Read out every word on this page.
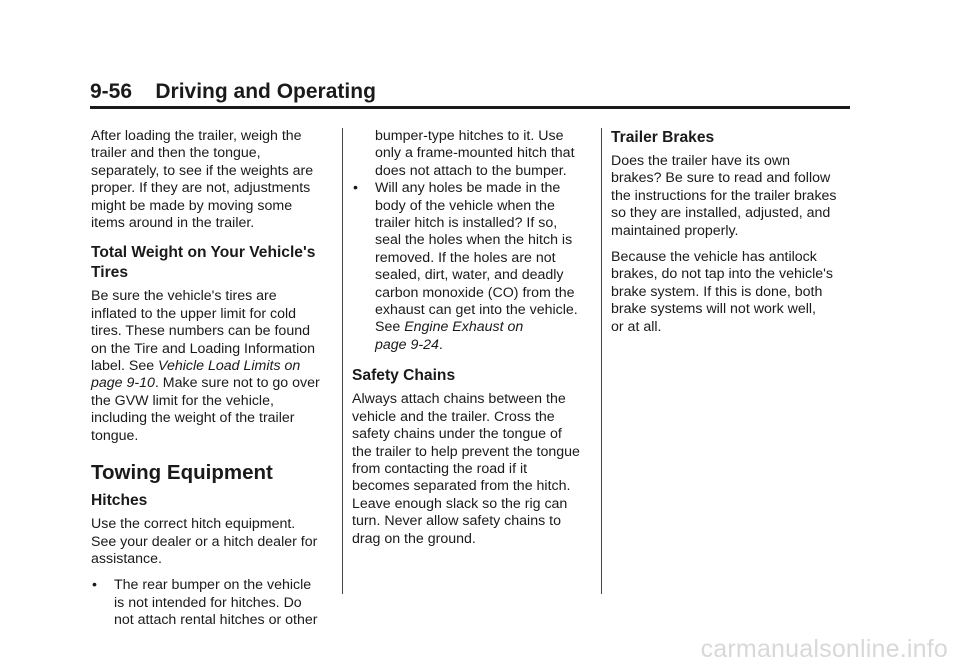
9-56 Driving and Operating

After loading the trailer, weigh the
trailer and then the tongue,
separately, to see if the weights are
proper. If they are not, adjustments
might be made by moving some
items around in the trailer.

Total Weight on Your Vehicle's
Tires

Be sure the vehicle's tires are
inflated to the upper limit for cold
tires. These numbers can be found
on the Tire and Loading Information
label. See Vehicle Load Limits on
page 9-10. Make sure not to go over
the GVW limit for the vehicle,
including the weight of the trailer
tongue.

Towing Equipment
Hitches

Use the correct hitch equipment.
See your dealer or a hitch dealer for
assistance.

• The rear bumper on the vehicle
is not intended for hitches. Do
not attach rental hitches or other
bumper-type hitches to it. Use
only a frame-mounted hitch that
does not attach to the bumper.
• Will any holes be made in the
body of the vehicle when the
trailer hitch is installed? If so,
seal the holes when the hitch is
removed. If the holes are not
sealed, dirt, water, and deadly
carbon monoxide (CO) from the
exhaust can get into the vehicle.
See Engine Exhaust on
page 9-24.
Safety Chains

Always attach chains between the
vehicle and the trailer. Cross the
safety chains under the tongue of
the trailer to help prevent the tongue
from contacting the road if it
becomes separated from the hitch.
Leave enough slack so the rig can
turn. Never allow safety chains to
drag on the ground.

Trailer Brakes

Does the trailer have its own
brakes? Be sure to read and follow
the instructions for the trailer brakes
so they are installed, adjusted, and
maintained properly.

Because the vehicle has antilock
brakes, do not tap into the vehicle's
brake system. If this is done, both
brake systems will not work well,
or at all.

carmanualsonline.info
